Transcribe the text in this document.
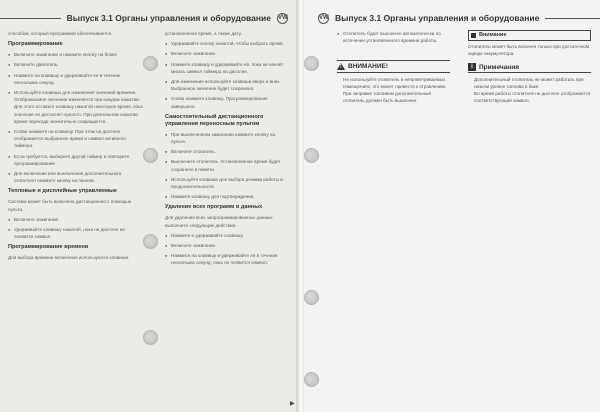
Выпуск 3.1 Органы управления и оборудование	VW	VW Выпуск 3.1 Органы управления и оборудование

способом, который программой обеспечивается.

Программирование
● Включите зажигание и нажмите кнопку на блоке
● Включите двигатель.
● Нажмите на клавишу и удерживайте ее в течение нескольких секунд.
● Используйте клавиши для изменения значений времени. Отображаемое значение изменяется при каждом нажатии. Для этого оставьте клавишу нажатой некоторое время, пока значение не достигнет нужного. При длительном нажатии время перехода значительно сокращается.
● Снова нажмите на клавишу. При этом на дисплее отображается выбранное время и символ активного таймера.
● Если требуется, выберите другой таймер и повторите программирование.
● Для включения или выключения дополнительного отопителя нажмите кнопку на панели.
Тепловые и дисплейные управляемые

Система может быть включена дистанционно с помощью пульта.

● Включите зажигание.
● Удерживайте клавишу нажатой, пока на дисплее не появится символ.
Программирование времени

Для выбора времени включения используются клавиши.

установленное время, а также дату.

● Удерживайте кнопку нажатой, чтобы выбрать время.
● Включите зажигание.
● Нажмите клавишу и удерживайте её, пока не начнёт мигать символ таймера на дисплее.
● Для изменения используйте клавиши вверх и вниз. Выбранное значение будет сохранено.
● Снова нажмите клавишу. Программирование завершено.
Самостоятельный дистанционного управления переносным пультом
● При выключенном зажигании нажмите кнопку на пульте.
● Включите отопитель.
● Выключите отопитель. Установленное время будет сохранено в памяти.
● Используйте клавиши для выбора режима работы и продолжительности.
● Нажмите клавишу для подтверждения.
Удаление всех программ и данных

Для удаления всех запрограммированных данных выполните следующие действия.

● Нажмите и удерживайте клавишу.
● Включите зажигание.
● Нажмите на клавишу и удерживайте её в течение нескольких секунд, пока не появится символ.
▶
● Отопитель будет выключен автоматически по истечении установленного времени работы.
! ВНИМАНИЕ!
Не используйте отопитель в непроветриваемых помещениях, это может привести к отравлению.
При заправке топливом дополнительный отопитель должен быть выключен.
Внимание

Отопитель может быть включен только при достаточном заряде аккумулятора.

i Примечания
Дополнительный отопитель не может работать при низком уровне топлива в баке.
Во время работы отопителя на дисплее отображается соответствующий символ.
